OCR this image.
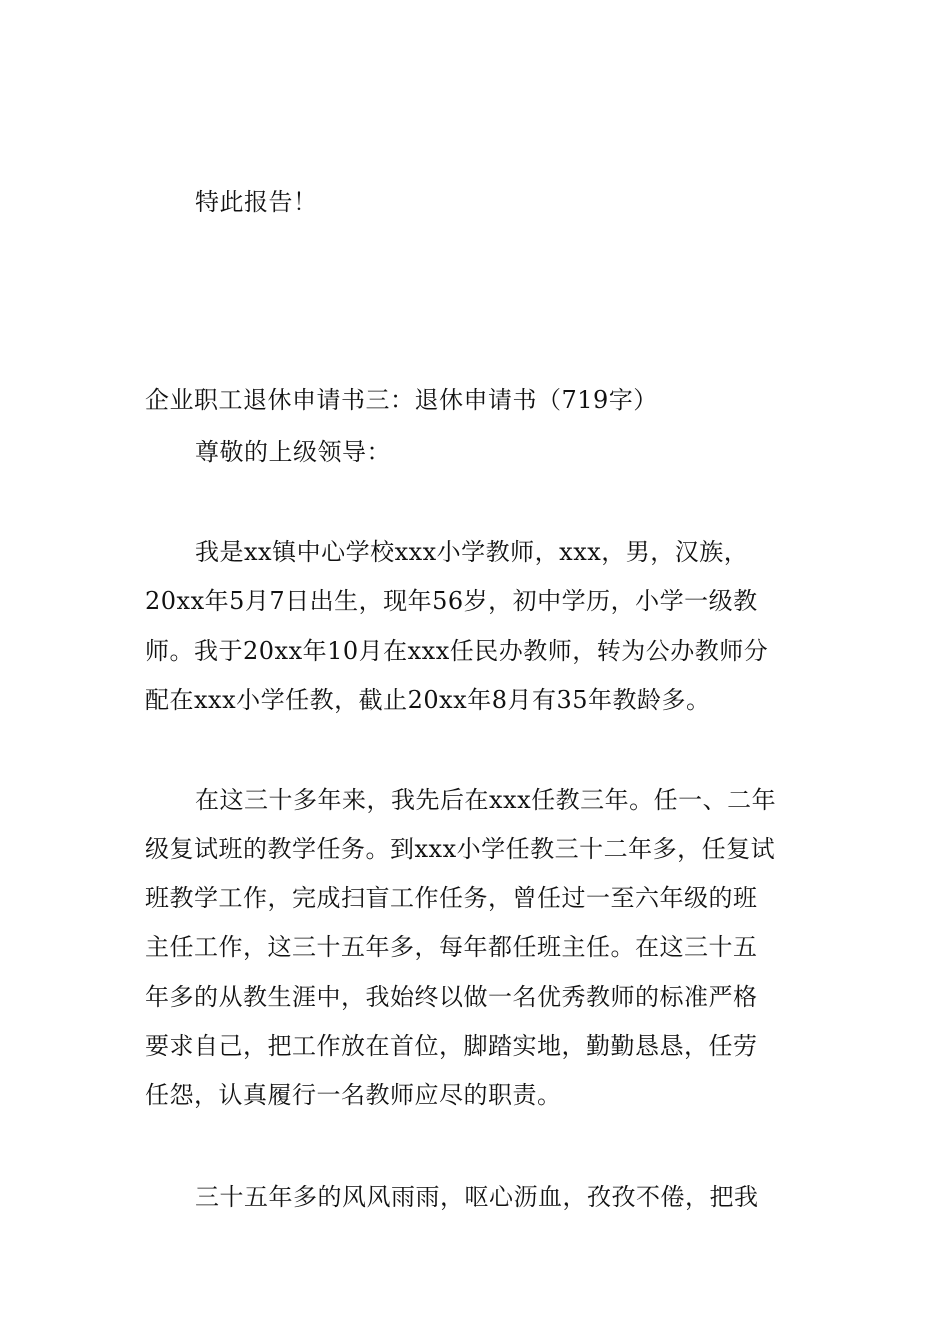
特此报告！
企业职工退休申请书三：退休申请书（719字）
尊敬的上级领导：
我是xx镇中心学校xxx小学教师，xxx，男，汉族，
20xx年5月7日出生，现年56岁，初中学历，小学一级教
师。我于20xx年10月在xxx任民办教师，转为公办教师分
配在xxx小学任教，截止20xx年8月有35年教龄多。
在这三十多年来，我先后在xxx任教三年。任一、二年
级复试班的教学任务。到xxx小学任教三十二年多，任复试
班教学工作，完成扫盲工作任务，曾任过一至六年级的班
主任工作，这三十五年多，每年都任班主任。在这三十五
年多的从教生涯中，我始终以做一名优秀教师的标准严格
要求自己，把工作放在首位，脚踏实地，勤勤恳恳，任劳
任怨，认真履行一名教师应尽的职责。
三十五年多的风风雨雨，呕心沥血，孜孜不倦，把我
